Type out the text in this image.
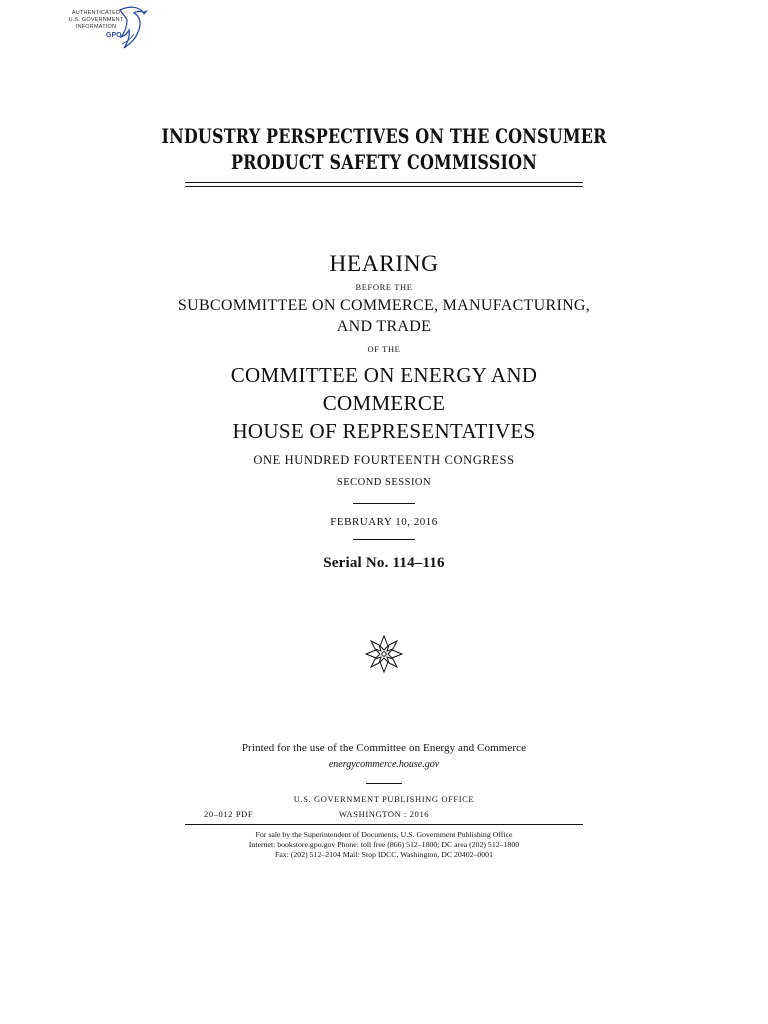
AUTHENTICATED
U.S. GOVERNMENT
INFORMATION
GPO
INDUSTRY PERSPECTIVES ON THE CONSUMER
PRODUCT SAFETY COMMISSION
HEARING
BEFORE THE
SUBCOMMITTEE ON COMMERCE, MANUFACTURING,
AND TRADE
OF THE
COMMITTEE ON ENERGY AND
COMMERCE
HOUSE OF REPRESENTATIVES
ONE HUNDRED FOURTEENTH CONGRESS
SECOND SESSION
FEBRUARY 10, 2016
Serial No. 114–116
Printed for the use of the Committee on Energy and Commerce
energycommerce.house.gov
U.S. GOVERNMENT PUBLISHING OFFICE
20–012 PDF	WASHINGTON : 2016
For sale by the Superintendent of Documents, U.S. Government Publishing Office
Internet: bookstore.gpo.gov Phone: toll free (866) 512–1800; DC area (202) 512–1800
Fax: (202) 512–2104 Mail: Stop IDCC, Washington, DC 20402–0001
